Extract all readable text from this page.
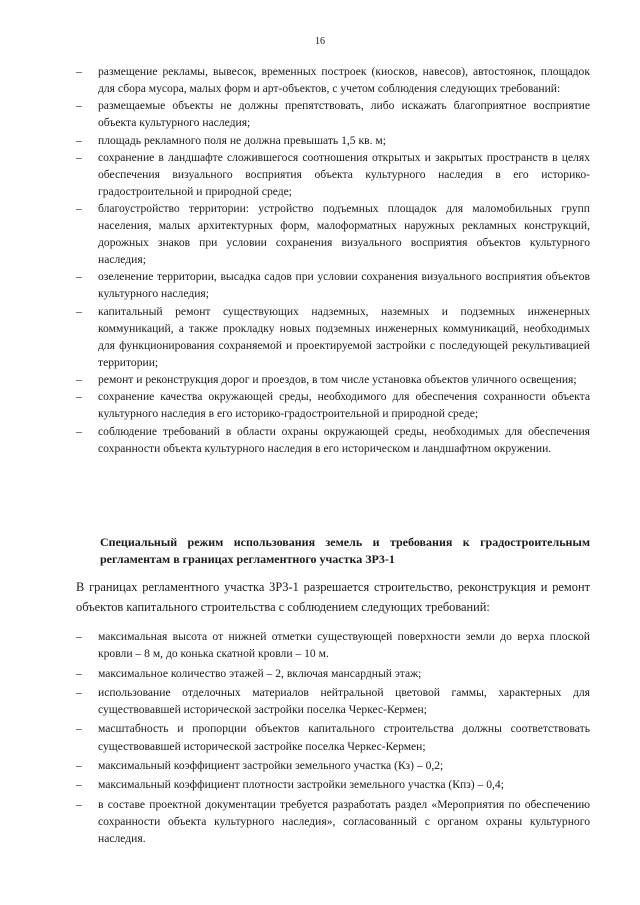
16
– размещение рекламы, вывесок, временных построек (киосков, навесов), автостоянок, площадок для сбора мусора, малых форм и арт-объектов, с учетом соблюдения следующих требований:
– размещаемые объекты не должны препятствовать, либо искажать благоприятное восприятие объекта культурного наследия;
– площадь рекламного поля не должна превышать 1,5 кв. м;
– сохранение в ландшафте сложившегося соотношения открытых и закрытых пространств в целях обеспечения визуального восприятия объекта культурного наследия в его историко-градостроительной и природной среде;
– благоустройство территории: устройство подъемных площадок для маломобильных групп населения, малых архитектурных форм, малоформатных наружных рекламных конструкций, дорожных знаков при условии сохранения визуального восприятия объектов культурного наследия;
– озеленение территории, высадка садов при условии сохранения визуального восприятия объектов культурного наследия;
– капитальный ремонт существующих надземных, наземных и подземных инженерных коммуникаций, а также прокладку новых подземных инженерных коммуникаций, необходимых для функционирования сохраняемой и проектируемой застройки с последующей рекультивацией территории;
– ремонт и реконструкция дорог и проездов, в том числе установка объектов уличного освещения;
– сохранение качества окружающей среды, необходимого для обеспечения сохранности объекта культурного наследия в его историко-градостроительной и природной среде;
– соблюдение требований в области охраны окружающей среды, необходимых для обеспечения сохранности объекта культурного наследия в его историческом и ландшафтном окружении.
Специальный режим использования земель и требования к градостроительным регламентам в границах регламентного участка ЗР3-1

В границах регламентного участка ЗР3-1 разрешается строительство, реконструкция и ремонт объектов капитального строительства с соблюдением следующих требований:

– максимальная высота от нижней отметки существующей поверхности земли до верха плоской кровли – 8 м, до конька скатной кровли – 10 м.
– максимальное количество этажей – 2, включая мансардный этаж;
– использование отделочных материалов нейтральной цветовой гаммы, характерных для существовавшей исторической застройки поселка Черкес-Кермен;
– масштабность и пропорции объектов капитального строительства должны соответствовать существовавшей исторической застройке поселка Черкес-Кермен;
– максимальный коэффициент застройки земельного участка (Кз) – 0,2;
– максимальный коэффициент плотности застройки земельного участка (Кпз) – 0,4;
– в составе проектной документации требуется разработать раздел «Мероприятия по обеспечению сохранности объекта культурного наследия», согласованный с органом охраны культурного наследия.
